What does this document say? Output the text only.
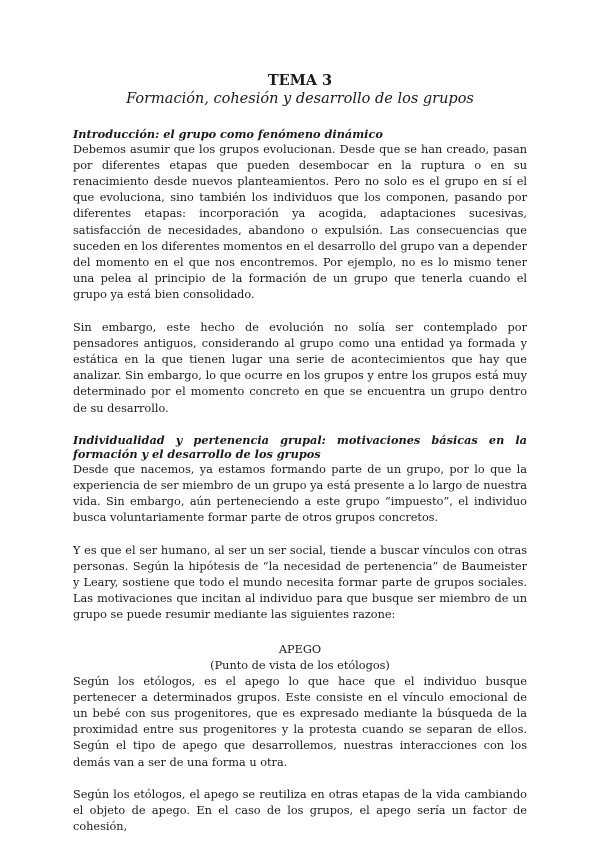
TEMA 3
Formación, cohesión y desarrollo de los grupos
Introducción: el grupo como fenómeno dinámico

Debemos asumir que los grupos evolucionan. Desde que se han creado, pasan por diferentes etapas que pueden desembocar en la ruptura o en su renacimiento desde nuevos planteamientos. Pero no solo es el grupo en sí el que evoluciona, sino también los individuos que los componen, pasando por diferentes etapas: incorporación ya acogida, adaptaciones sucesivas, satisfacción de necesidades, abandono o expulsión. Las consecuencias que suceden en los diferentes momentos en el desarrollo del grupo van a depender del momento en el que nos encontremos. Por ejemplo, no es lo mismo tener una pelea al principio de la formación de un grupo que tenerla cuando el grupo ya está bien consolidado.

Sin embargo, este hecho de evolución no solía ser contemplado por pensadores antiguos, considerando al grupo como una entidad ya formada y estática en la que tienen lugar una serie de acontecimientos que hay que analizar. Sin embargo, lo que ocurre en los grupos y entre los grupos está muy determinado por el momento concreto en que se encuentra un grupo dentro de su desarrollo.

Individualidad y pertenencia grupal: motivaciones básicas en la formación y el desarrollo de los grupos

Desde que nacemos, ya estamos formando parte de un grupo, por lo que la experiencia de ser miembro de un grupo ya está presente a lo largo de nuestra vida. Sin embargo, aún perteneciendo a este grupo “impuesto”, el individuo busca voluntariamente formar parte de otros grupos concretos.

Y es que el ser humano, al ser un ser social, tiende a buscar vínculos con otras personas. Según la hipótesis de “la necesidad de pertenencia” de Baumeister y Leary, sostiene que todo el mundo necesita formar parte de grupos sociales. Las motivaciones que incitan al individuo para que busque ser miembro de un grupo se puede resumir mediante las siguientes razone:

APEGO
(Punto de vista de los etólogos)

Según los etólogos, es el apego lo que hace que el individuo busque pertenecer a determinados grupos. Este consiste en el vínculo emocional de un bebé con sus progenitores, que es expresado mediante la búsqueda de la proximidad entre sus progenitores y la protesta cuando se separan de ellos. Según el tipo de apego que desarrollemos, nuestras interacciones con los demás van a ser de una forma u otra.

Según los etólogos, el apego se reutiliza en otras etapas de la vida cambiando el objeto de apego. En el caso de los grupos, el apego sería un factor de cohesión,
